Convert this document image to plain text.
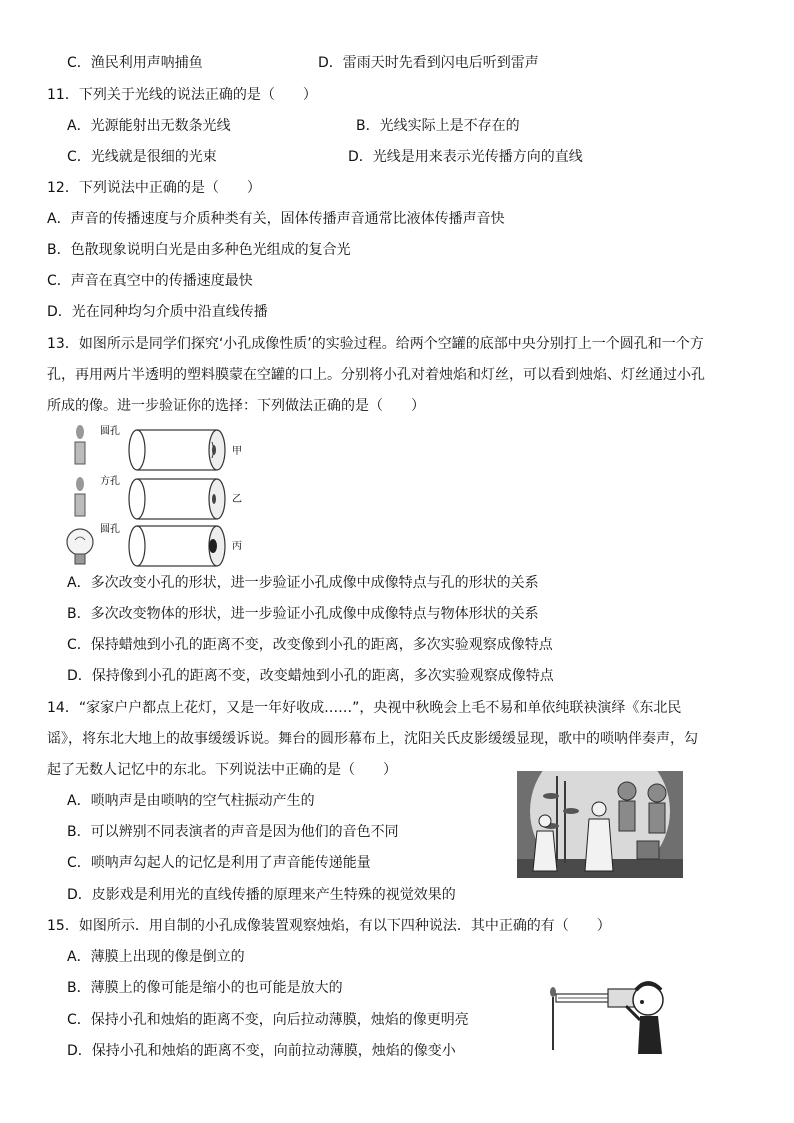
C．渔民利用声呐捕鱼	D．雷雨天时先看到闪电后听到雷声
11．下列关于光线的说法正确的是（　　）
A．光源能射出无数条光线	B．光线实际上是不存在的
C．光线就是很细的光束	D．光线是用来表示光传播方向的直线
12．下列说法中正确的是（　　）
A．声音的传播速度与介质种类有关，固体传播声音通常比液体传播声音快
B．色散现象说明白光是由多种色光组成的复合光
C．声音在真空中的传播速度最快
D．光在同种均匀介质中沿直线传播
13．如图所示是同学们探究‘小孔成像性质’的实验过程。给两个空罐的底部中央分别打上一个圆孔和一个方
孔，再用两片半透明的塑料膜蒙在空罐的口上。分别将小孔对着烛焰和灯丝，可以看到烛焰、灯丝通过小孔
所成的像。进一步验证你的选择：下列做法正确的是（　　）
圆孔
方孔
圆孔
甲
乙
丙
A．多次改变小孔的形状，进一步验证小孔成像中成像特点与孔的形状的关系
B．多次改变物体的形状，进一步验证小孔成像中成像特点与物体形状的关系
C．保持蜡烛到小孔的距离不变，改变像到小孔的距离，多次实验观察成像特点
D．保持像到小孔的距离不变，改变蜡烛到小孔的距离，多次实验观察成像特点
14．“家家户户都点上花灯，又是一年好收成……”，央视中秋晚会上毛不易和单依纯联袂演绎《东北民
谣》，将东北大地上的故事缓缓诉说。舞台的圆形幕布上，沈阳关氏皮影缓缓显现，歌中的唢呐伴奏声，勾
起了无数人记忆中的东北。下列说法中正确的是（　　）
A．唢呐声是由唢呐的空气柱振动产生的
B．可以辨别不同表演者的声音是因为他们的音色不同
C．唢呐声勾起人的记忆是利用了声音能传递能量
D．皮影戏是利用光的直线传播的原理来产生特殊的视觉效果的
15．如图所示．用自制的小孔成像装置观察烛焰，有以下四种说法．其中正确的有（　　）
A．薄膜上出现的像是倒立的
B．薄膜上的像可能是缩小的也可能是放大的
C．保持小孔和烛焰的距离不变，向后拉动薄膜，烛焰的像更明亮
D．保持小孔和烛焰的距离不变，向前拉动薄膜，烛焰的像变小
